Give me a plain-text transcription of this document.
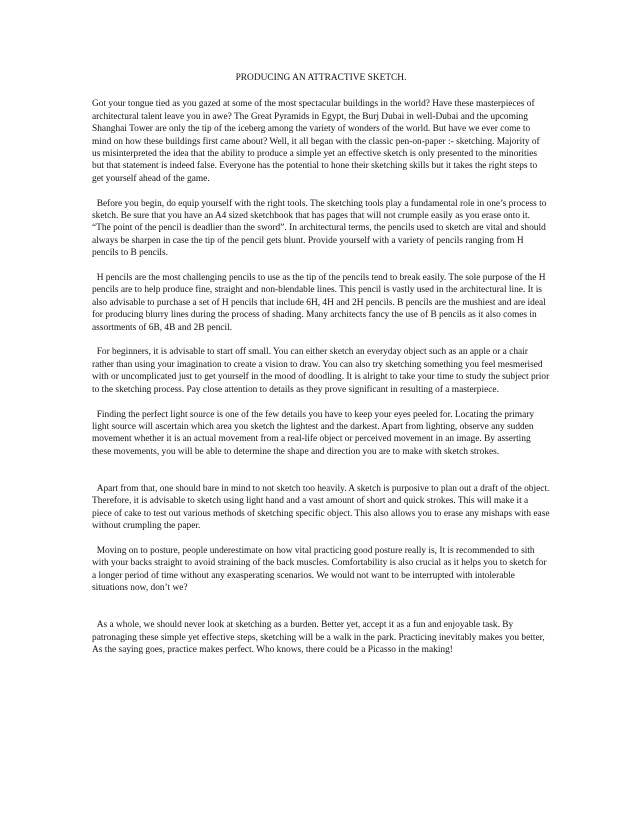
PRODUCING AN ATTRACTIVE SKETCH.

Got your tongue tied as you gazed at some of the most spectacular buildings in the world? Have these masterpieces of architectural talent leave you in awe? The Great Pyramids in Egypt, the Burj Dubai in well-Dubai and the upcoming Shanghai Tower are only the tip of the iceberg among the variety of wonders of the world. But have we ever come to mind on how these buildings first came about? Well, it all began with the classic pen-on-paper :- sketching. Majority of us misinterpreted the idea that the ability to produce a simple yet an effective sketch is only presented to the minorities but that statement is indeed false. Everyone has the potential to hone their sketching skills but it takes the right steps to get yourself ahead of the game.

Before you begin, do equip yourself with the right tools. The sketching tools play a fundamental role in one’s process to sketch. Be sure that you have an A4 sized sketchbook that has pages that will not crumple easily as you erase onto it. “The point of the pencil is deadlier than the sword”. In architectural terms, the pencils used to sketch are vital and should always be sharpen in case the tip of the pencil gets blunt. Provide yourself with a variety of pencils ranging from H pencils to B pencils.

H pencils are the most challenging pencils to use as the tip of the pencils tend to break easily. The sole purpose of the H pencils are to help produce fine, straight and non-blendable lines. This pencil is vastly used in the architectural line. It is also advisable to purchase a set of H pencils that include 6H, 4H and 2H pencils. B pencils are the mushiest and are ideal for producing blurry lines during the process of shading. Many architects fancy the use of B pencils as it also comes in assortments of 6B, 4B and 2B pencil.

For beginners, it is advisable to start off small. You can either sketch an everyday object such as an apple or a chair rather than using your imagination to create a vision to draw. You can also try sketching something you feel mesmerised with or uncomplicated just to get yourself in the mood of doodling. It is alright to take your time to study the subject prior to the sketching process. Pay close attention to details as they prove significant in resulting of a masterpiece.

Finding the perfect light source is one of the few details you have to keep your eyes peeled for. Locating the primary light source will ascertain which area you sketch the lightest and the darkest. Apart from lighting, observe any sudden movement whether it is an actual movement from a real-life object or perceived movement in an image. By asserting these movements, you will be able to determine the shape and direction you are to make with sketch strokes.

Apart from that, one should bare in mind to not sketch too heavily. A sketch is purposive to plan out a draft of the object. Therefore, it is advisable to sketch using light hand and a vast amount of short and quick strokes. This will make it a piece of cake to test out various methods of sketching specific object. This also allows you to erase any mishaps with ease without crumpling the paper.

Moving on to posture, people underestimate on how vital practicing good posture really is, It is recommended to sith with your backs straight to avoid straining of the back muscles. Comfortability is also crucial as it helps you to sketch for a longer period of time without any exasperating scenarios. We would not want to be interrupted with intolerable situations now, don’t we?

As a whole, we should never look at sketching as a burden. Better yet, accept it as a fun and enjoyable task. By patronaging these simple yet effective steps, sketching will be a walk in the park. Practicing inevitably makes you better, As the saying goes, practice makes perfect. Who knows, there could be a Picasso in the making!
